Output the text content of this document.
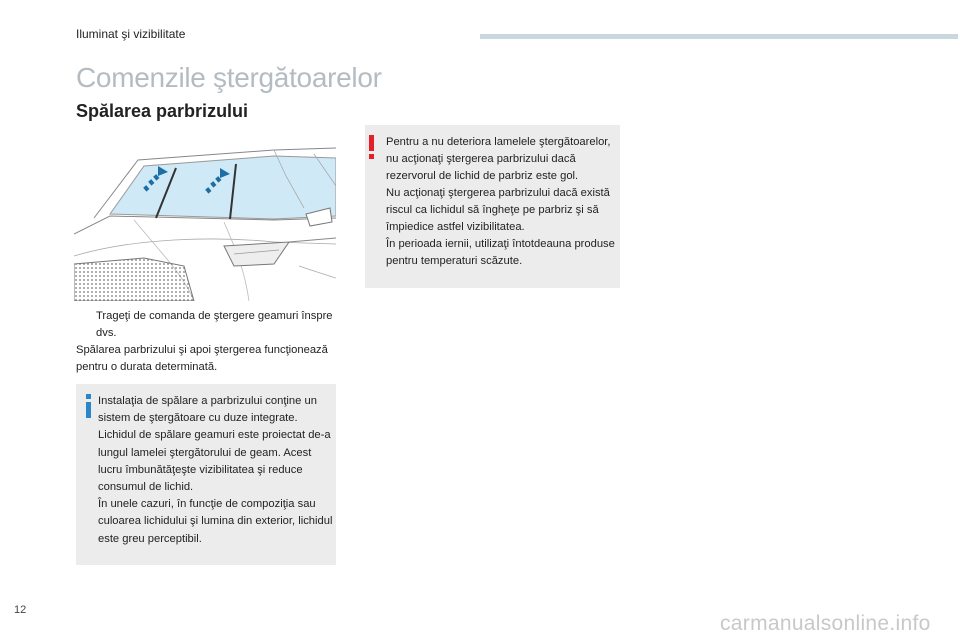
Iluminat şi vizibilitate
Comenzile ştergătoarelor
Spălarea parbrizului
Trageţi de comanda de ştergere geamuri înspre dvs.

Spălarea parbrizului şi apoi ştergerea funcţionează pentru o durata determinată.

Instalaţia de spălare a parbrizului conţine un sistem de ştergătoare cu duze integrate. Lichidul de spălare geamuri este proiectat de-a lungul lamelei ştergătorului de geam. Acest lucru îmbunătăţeşte vizibilitatea şi reduce consumul de lichid.

În unele cazuri, în funcţie de compoziţia sau culoarea lichidului şi lumina din exterior, lichidul este greu perceptibil.

Pentru a nu deteriora lamelele ştergătoarelor, nu acţionaţi ştergerea parbrizului dacă rezervorul de lichid de parbriz este gol.

Nu acţionaţi ştergerea parbrizului dacă există riscul ca lichidul să îngheţe pe parbriz şi să împiedice astfel vizibilitatea.

În perioada iernii, utilizaţi întotdeauna produse pentru temperaturi scăzute.

12
carmanualsonline.info
